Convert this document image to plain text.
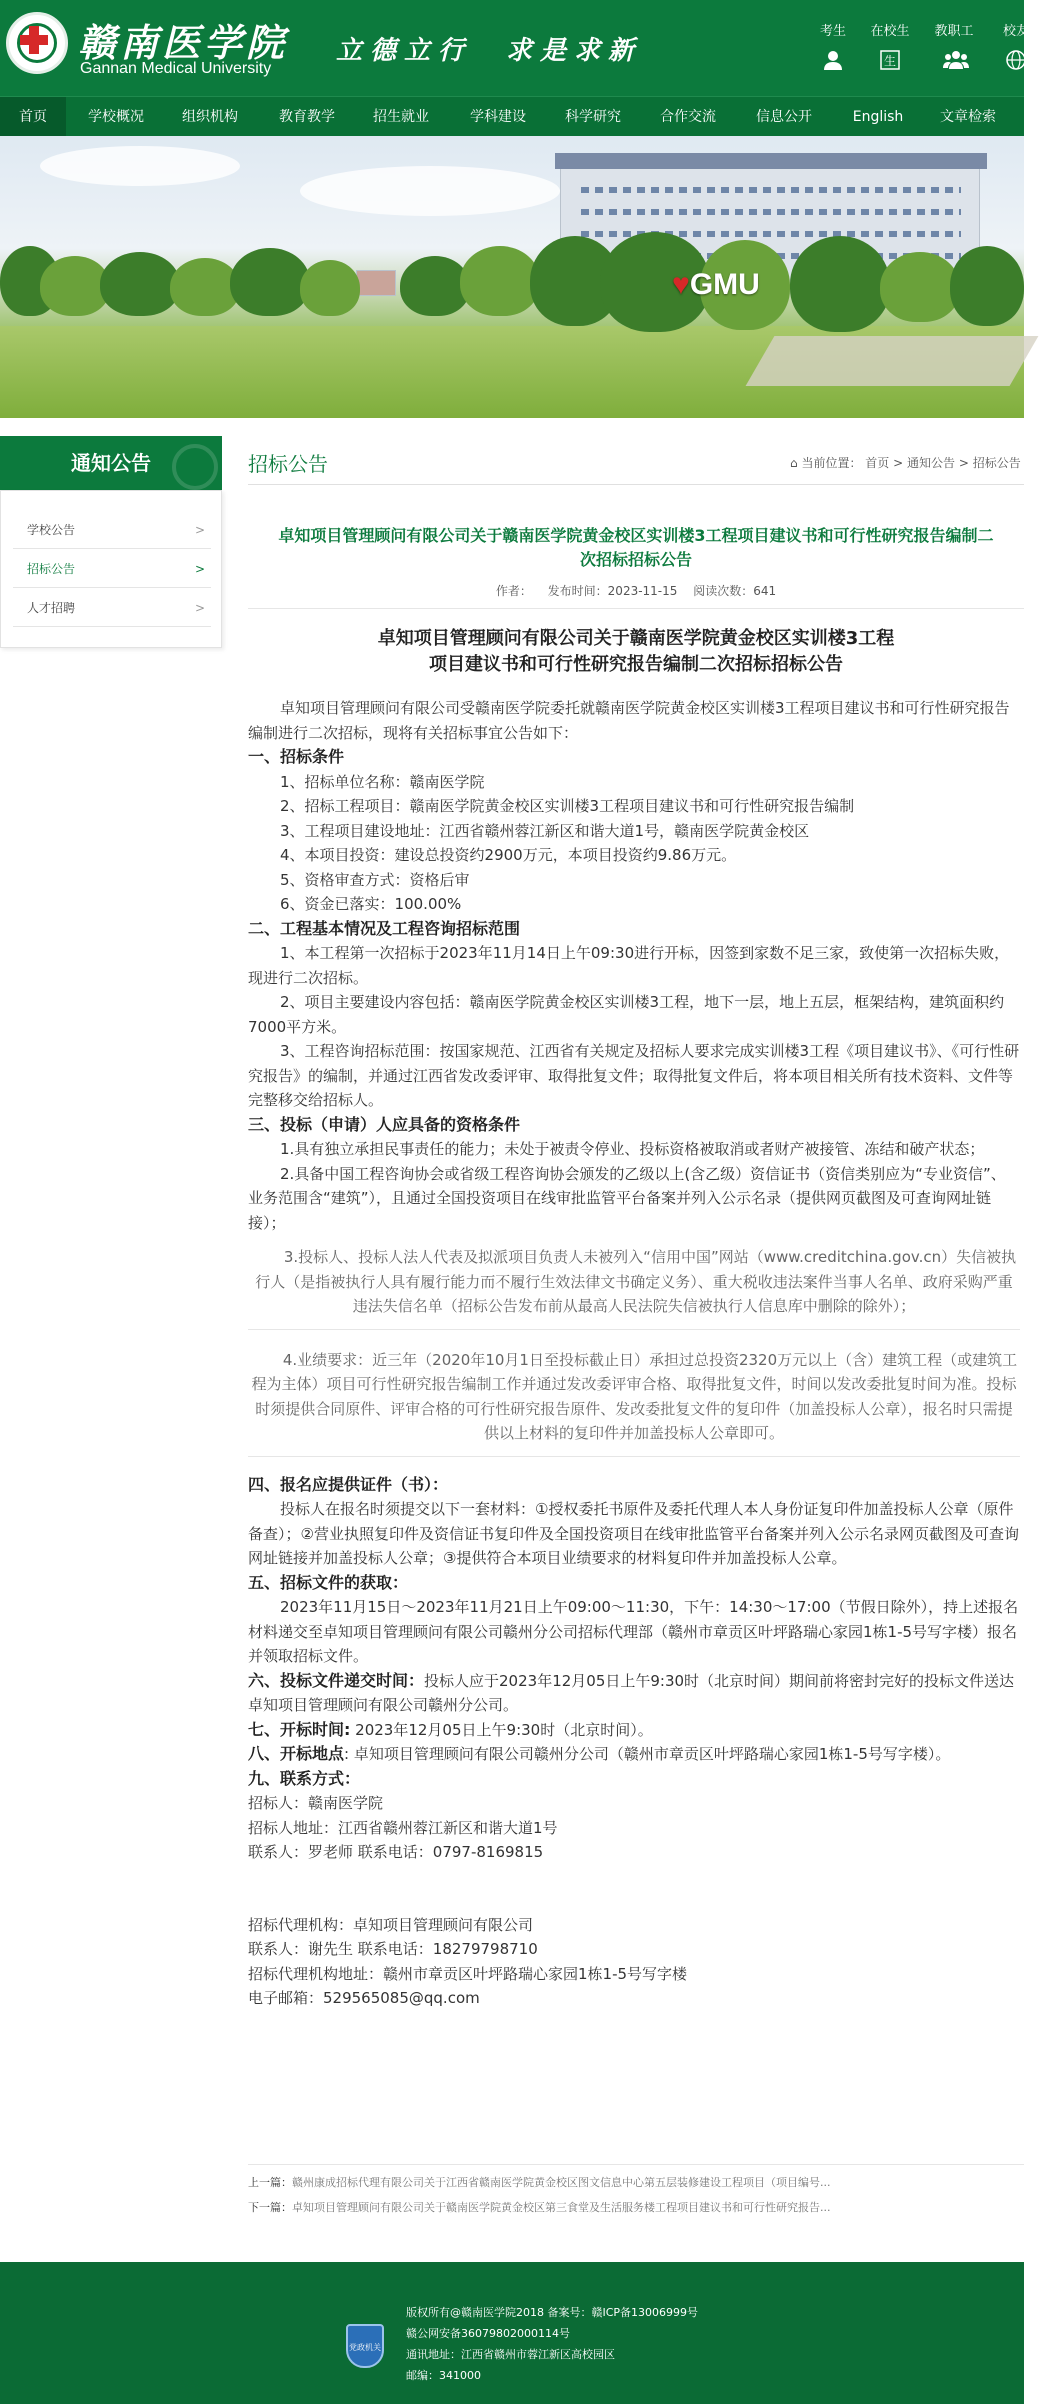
赣南医学院
Gannan Medical University
立德立行 求是求新
考生	在校生
生
教职工	校友
首页	学校概况	组织机构	教育教学	招生就业	学科建设	科学研究	合作交流	信息公开	English	文章检索
♥GMU
通知公告
学校公告	>
招标公告	>
人才招聘	>
招标公告	⌂ 当前位置： 首页 > 通知公告 > 招标公告
卓知项目管理顾问有限公司关于赣南医学院黄金校区实训楼3工程项目建议书和可行性研究报告编制二
次招标招标公告
作者： 发布时间：2023-11-15 阅读次数：641
卓知项目管理顾问有限公司关于赣南医学院黄金校区实训楼3工程
项目建议书和可行性研究报告编制二次招标招标公告

卓知项目管理顾问有限公司受赣南医学院委托就赣南医学院黄金校区实训楼3工程项目建议书和可行性研究报告编制进行二次招标，现将有关招标事宜公告如下：

一、招标条件

1、招标单位名称：赣南医学院

2、招标工程项目：赣南医学院黄金校区实训楼3工程项目建议书和可行性研究报告编制

3、工程项目建设地址：江西省赣州蓉江新区和谐大道1号，赣南医学院黄金校区

4、本项目投资：建设总投资约2900万元，本项目投资约9.86万元。

5、资格审查方式：资格后审

6、资金已落实：100.00%

二、工程基本情况及工程咨询招标范围

1、本工程第一次招标于2023年11月14日上午09:30进行开标，因签到家数不足三家，致使第一次招标失败，现进行二次招标。

2、项目主要建设内容包括：赣南医学院黄金校区实训楼3工程，地下一层，地上五层，框架结构，建筑面积约7000平方米。

3、工程咨询招标范围：按国家规范、江西省有关规定及招标人要求完成实训楼3工程《项目建议书》、《可行性研究报告》的编制，并通过江西省发改委评审、取得批复文件；取得批复文件后，将本项目相关所有技术资料、文件等完整移交给招标人。

三、投标（申请）人应具备的资格条件

1.具有独立承担民事责任的能力；未处于被责令停业、投标资格被取消或者财产被接管、冻结和破产状态；

2.具备中国工程咨询协会或省级工程咨询协会颁发的乙级以上(含乙级）资信证书（资信类别应为“专业资信”、业务范围含“建筑”），且通过全国投资项目在线审批监管平台备案并列入公示名录（提供网页截图及可查询网址链接）；

3.投标人、投标人法人代表及拟派项目负责人未被列入“信用中国”网站（www.creditchina.gov.cn）失信被执行人（是指被执行人具有履行能力而不履行生效法律文书确定义务）、重大税收违法案件当事人名单、政府采购严重违法失信名单（招标公告发布前从最高人民法院失信被执行人信息库中删除的除外）；

4.业绩要求：近三年（2020年10月1日至投标截止日）承担过总投资2320万元以上（含）建筑工程（或建筑工程为主体）项目可行性研究报告编制工作并通过发改委评审合格、取得批复文件，时间以发改委批复时间为准。投标时须提供合同原件、评审合格的可行性研究报告原件、发改委批复文件的复印件（加盖投标人公章），报名时只需提供以上材料的复印件并加盖投标人公章即可。

四、报名应提供证件（书）：

投标人在报名时须提交以下一套材料：①授权委托书原件及委托代理人本人身份证复印件加盖投标人公章（原件备查）；②营业执照复印件及资信证书复印件及全国投资项目在线审批监管平台备案并列入公示名录网页截图及可查询网址链接并加盖投标人公章；③提供符合本项目业绩要求的材料复印件并加盖投标人公章。

五、招标文件的获取：

2023年11月15日～2023年11月21日上午09:00～11:30，下午：14:30～17:00（节假日除外），持上述报名材料递交至卓知项目管理顾问有限公司赣州分公司招标代理部（赣州市章贡区叶坪路瑞心家园1栋1-5号写字楼）报名并领取招标文件。

六、投标文件递交时间：投标人应于2023年12月05日上午9:30时（北京时间）期间前将密封完好的投标文件送达卓知项目管理顾问有限公司赣州分公司。

七、开标时间: 2023年12月05日上午9:30时（北京时间）。

八、开标地点: 卓知项目管理顾问有限公司赣州分公司（赣州市章贡区叶坪路瑞心家园1栋1-5号写字楼）。

九、联系方式：

招标人：赣南医学院

招标人地址：江西省赣州蓉江新区和谐大道1号

联系人：罗老师 联系电话：0797-8169815

招标代理机构：卓知项目管理顾问有限公司

联系人：谢先生 联系电话：18279798710

招标代理机构地址：赣州市章贡区叶坪路瑞心家园1栋1-5号写字楼

电子邮箱：529565085@qq.com

上一篇：赣州康成招标代理有限公司关于江西省赣南医学院黄金校区图文信息中心第五层装修建设工程项目（项目编号...
下一篇：卓知项目管理顾问有限公司关于赣南医学院黄金校区第三食堂及生活服务楼工程项目建议书和可行性研究报告...
党政机关
版权所有@赣南医学院2018 备案号：赣ICP备13006999号
赣公网安备36079802000114号
通讯地址：江西省赣州市蓉江新区高校园区
邮编：341000
